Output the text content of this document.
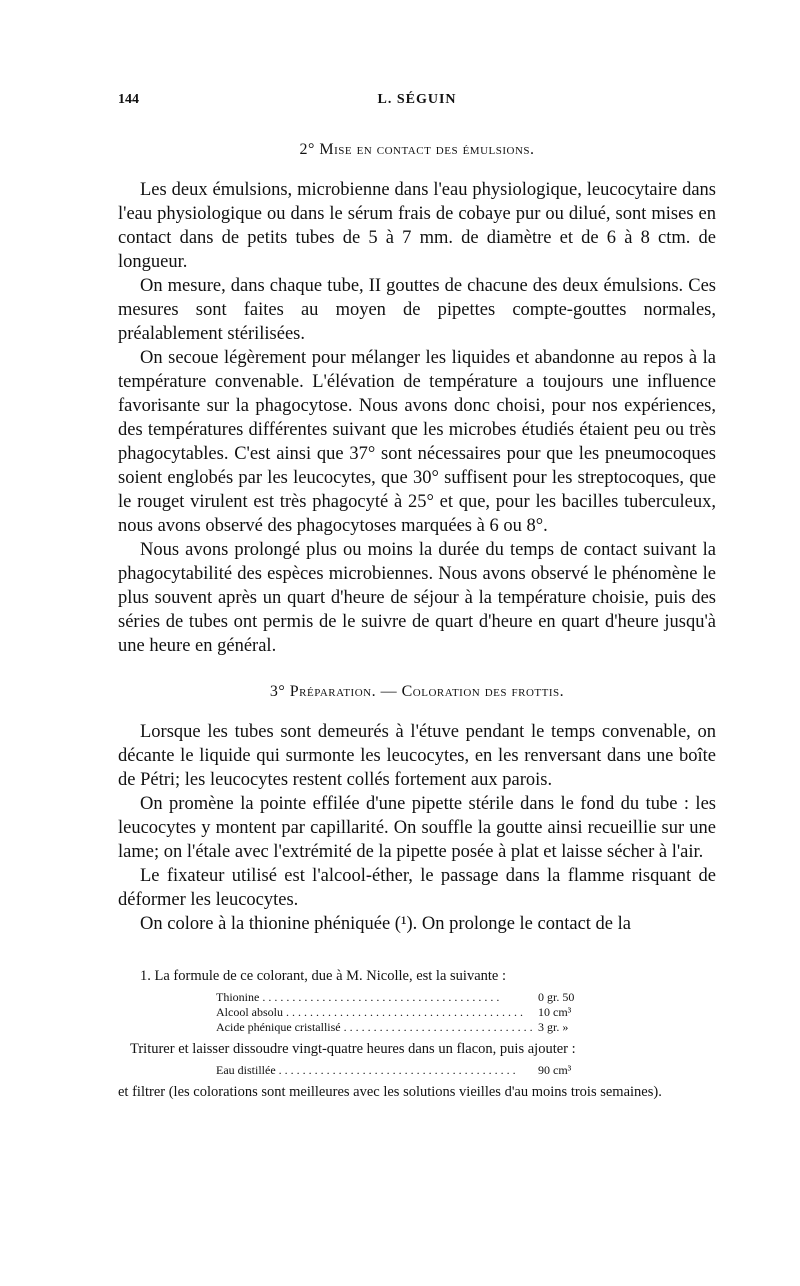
144	L. SÉGUIN
2° Mise en contact des émulsions.

Les deux émulsions, microbienne dans l'eau physiologique, leucocytaire dans l'eau physiologique ou dans le sérum frais de cobaye pur ou dilué, sont mises en contact dans de petits tubes de 5 à 7 mm. de diamètre et de 6 à 8 ctm. de longueur.

On mesure, dans chaque tube, II gouttes de chacune des deux émulsions. Ces mesures sont faites au moyen de pipettes compte-gouttes normales, préalablement stérilisées.

On secoue légèrement pour mélanger les liquides et abandonne au repos à la température convenable. L'élévation de température a toujours une influence favorisante sur la phagocytose. Nous avons donc choisi, pour nos expériences, des températures différentes suivant que les microbes étudiés étaient peu ou très phagocytables. C'est ainsi que 37° sont nécessaires pour que les pneumocoques soient englobés par les leucocytes, que 30° suffisent pour les streptocoques, que le rouget virulent est très phagocyté à 25° et que, pour les bacilles tuberculeux, nous avons observé des phagocytoses marquées à 6 ou 8°.

Nous avons prolongé plus ou moins la durée du temps de contact suivant la phagocytabilité des espèces microbiennes. Nous avons observé le phénomène le plus souvent après un quart d'heure de séjour à la température choisie, puis des séries de tubes ont permis de le suivre de quart d'heure en quart d'heure jusqu'à une heure en général.

3° Préparation. — Coloration des frottis.

Lorsque les tubes sont demeurés à l'étuve pendant le temps convenable, on décante le liquide qui surmonte les leucocytes, en les renversant dans une boîte de Pétri; les leucocytes restent collés fortement aux parois.

On promène la pointe effilée d'une pipette stérile dans le fond du tube : les leucocytes y montent par capillarité. On souffle la goutte ainsi recueillie sur une lame; on l'étale avec l'extrémité de la pipette posée à plat et laisse sécher à l'air.

Le fixateur utilisé est l'alcool-éther, le passage dans la flamme risquant de déformer les leucocytes.

On colore à la thionine phéniquée (¹). On prolonge le contact de la

1. La formule de ce colorant, due à M. Nicolle, est la suivante :

Thionine . . .	0 gr. 50
Alcool absolu . . .	10 cm³
Acide phénique cristallisé . . .	3 gr. »

Triturer et laisser dissoudre vingt-quatre heures dans un flacon, puis ajouter :

Eau distillée . . .	90 cm³

et filtrer (les colorations sont meilleures avec les solutions vieilles d'au moins trois semaines).
